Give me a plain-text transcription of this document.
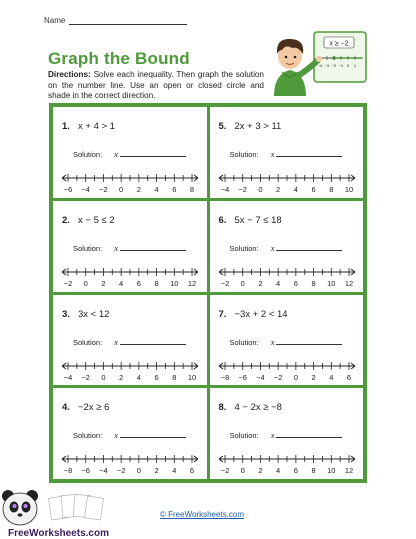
Name
Graph the Bound
Directions: Solve each inequality. Then graph the solution on the number line. Use an open or closed circle and shade in the correct direction.
x ≥ −2
−4 −3 −2 −1 0 1
1. x + 4 > 1
Solution: x
−6 −4 −2 0 2 4 6 8
5. 2x + 3 > 11
Solution: x
−4 −2 0 2 4 6 8 10
2. x − 5 ≤ 2
Solution: x
−2 0 2 4 6 8 10 12
6. 5x − 7 ≤ 18
Solution: x
−2 0 2 4 6 8 10 12
3. 3x < 12
Solution: x
−4 −2 0 2 4 6 8 10
7. −3x + 2 < 14
Solution: x
−8 −6 −4 −2 0 2 4 6
4. −2x ≥ 6
Solution: x
−8 −6 −4 −2 0 2 4 6
8. 4 − 2x ≥ −8
Solution: x
−2 0 2 4 6 8 10 12
FreeWorksheets.com
© FreeWorksheets.com
